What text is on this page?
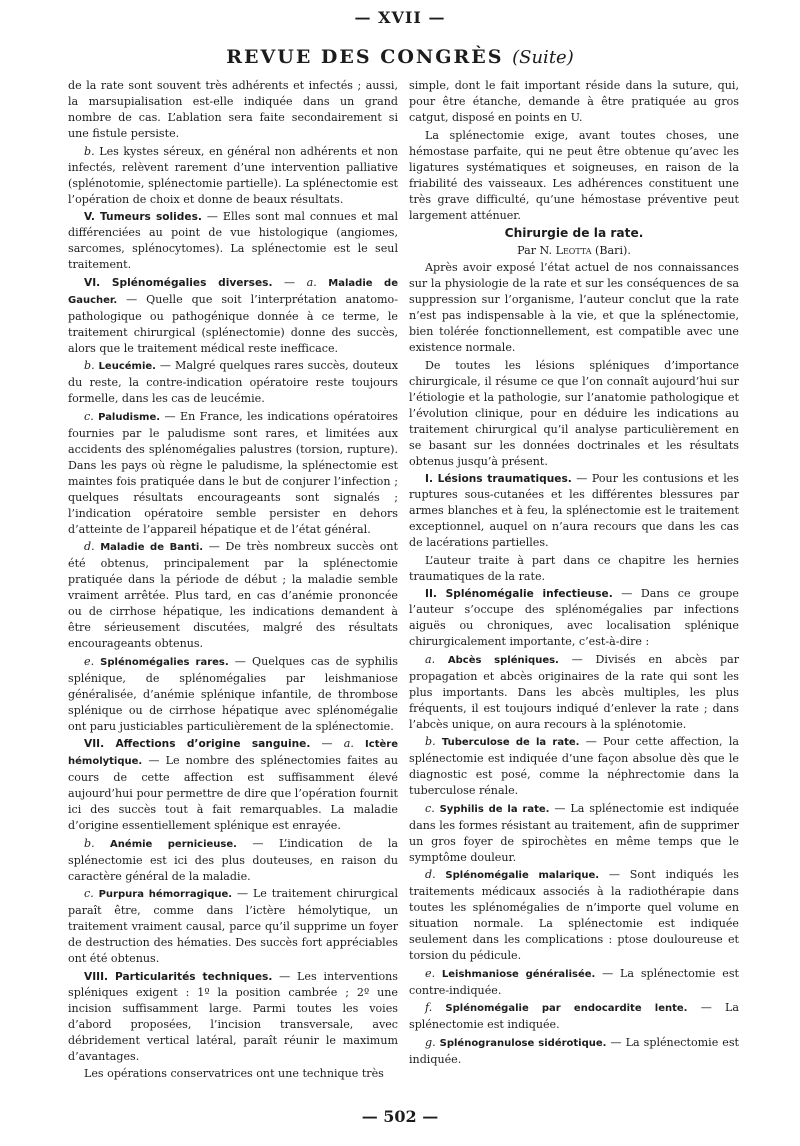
— XVII —
REVUE DES CONGRÈS (Suite)

de la rate sont souvent très adhérents et infectés ; aussi, la marsupialisation est-elle indiquée dans un grand nombre de cas. L’ablation sera faite secondairement si une fistule persiste.

b. Les kystes séreux, en général non adhérents et non infectés, relèvent rarement d’une intervention palliative (splénotomie, splénectomie partielle). La splénectomie est l’opération de choix et donne de beaux résultats.

V. Tumeurs solides. — Elles sont mal connues et mal différenciées au point de vue histologique (angiomes, sarcomes, splénocytomes). La splénectomie est le seul traitement.

VI. Splénomégalies diverses. — a. Maladie de Gaucher. — Quelle que soit l’interprétation anatomo-pathologique ou pathogénique donnée à ce terme, le traitement chirurgical (splénectomie) donne des succès, alors que le traitement médical reste inefficace.

b. Leucémie. — Malgré quelques rares succès, douteux du reste, la contre-indication opératoire reste toujours formelle, dans les cas de leucémie.

c. Paludisme. — En France, les indications opératoires fournies par le paludisme sont rares, et limitées aux accidents des splénomégalies palustres (torsion, rupture). Dans les pays où règne le paludisme, la splénectomie est maintes fois pratiquée dans le but de conjurer l’infection ; quelques résultats encourageants sont signalés ; l’indication opératoire semble persister en dehors d’atteinte de l’appareil hépatique et de l’état général.

d. Maladie de Banti. — De très nombreux succès ont été obtenus, principalement par la splénectomie pratiquée dans la période de début ; la maladie semble vraiment arrêtée. Plus tard, en cas d’anémie prononcée ou de cirrhose hépatique, les indications demandent à être sérieusement discutées, malgré des résultats encourageants obtenus.

e. Splénomégalies rares. — Quelques cas de syphilis splénique, de splénomégalies par leishmaniose généralisée, d’anémie splénique infantile, de thrombose splénique ou de cirrhose hépatique avec splénomégalie ont paru justiciables particulièrement de la splénectomie.

VII. Affections d’origine sanguine. — a. Ictère hémolytique. — Le nombre des splénectomies faites au cours de cette affection est suffisamment élevé aujourd’hui pour permettre de dire que l’opération fournit ici des succès tout à fait remarquables. La maladie d’origine essentiellement splénique est enrayée.

b. Anémie pernicieuse. — L’indication de la splénectomie est ici des plus douteuses, en raison du caractère général de la maladie.

c. Purpura hémorragique. — Le traitement chirurgical paraît être, comme dans l’ictère hémolytique, un traitement vraiment causal, parce qu’il supprime un foyer de destruction des hématies. Des succès fort appréciables ont été obtenus.

VIII. Particularités techniques. — Les interventions spléniques exigent : 1º la position cambrée ; 2º une incision suffisamment large. Parmi toutes les voies d’abord proposées, l’incision transversale, avec débridement vertical latéral, paraît réunir le maximum d’avantages.

Les opérations conservatrices ont une technique très

simple, dont le fait important réside dans la suture, qui, pour être étanche, demande à être pratiquée au gros catgut, disposé en points en U.

La splénectomie exige, avant toutes choses, une hémostase parfaite, qui ne peut être obtenue qu’avec les ligatures systématiques et soigneuses, en raison de la friabilité des vaisseaux. Les adhérences constituent une très grave difficulté, qu’une hémostase préventive peut largement atténuer.

Chirurgie de la rate.

Par N. Leotta (Bari).

Après avoir exposé l’état actuel de nos connaissances sur la physiologie de la rate et sur les conséquences de sa suppression sur l’organisme, l’auteur conclut que la rate n’est pas indispensable à la vie, et que la splénectomie, bien tolérée fonctionnellement, est compatible avec une existence normale.

De toutes les lésions spléniques d’importance chirurgicale, il résume ce que l’on connaît aujourd’hui sur l’étiologie et la pathologie, sur l’anatomie pathologique et l’évolution clinique, pour en déduire les indications au traitement chirurgical qu’il analyse particulièrement en se basant sur les données doctrinales et les résultats obtenus jusqu’à présent.

I. Lésions traumatiques. — Pour les contusions et les ruptures sous-cutanées et les différentes blessures par armes blanches et à feu, la splénectomie est le traitement exceptionnel, auquel on n’aura recours que dans les cas de lacérations partielles.

L’auteur traite à part dans ce chapitre les hernies traumatiques de la rate.

II. Splénomégalie infectieuse. — Dans ce groupe l’auteur s’occupe des splénomégalies par infections aiguës ou chroniques, avec localisation splénique chirurgicalement importante, c’est-à-dire :

a. Abcès spléniques. — Divisés en abcès par propagation et abcès originaires de la rate qui sont les plus importants. Dans les abcès multiples, les plus fréquents, il est toujours indiqué d’enlever la rate ; dans l’abcès unique, on aura recours à la splénotomie.

b. Tuberculose de la rate. — Pour cette affection, la splénectomie est indiquée d’une façon absolue dès que le diagnostic est posé, comme la néphrectomie dans la tuberculose rénale.

c. Syphilis de la rate. — La splénectomie est indiquée dans les formes résistant au traitement, afin de supprimer un gros foyer de spirochètes en même temps que le symptôme douleur.

d. Splénomégalie malarique. — Sont indiqués les traitements médicaux associés à la radiothérapie dans toutes les splénomégalies de n’importe quel volume en situation normale. La splénectomie est indiquée seulement dans les complications : ptose douloureuse et torsion du pédicule.

e. Leishmaniose généralisée. — La splénectomie est contre-indiquée.

f. Splénomégalie par endocardite lente. — La splénectomie est indiquée.

g. Splénogranulose sidérotique. — La splénectomie est indiquée.

— 502 —
